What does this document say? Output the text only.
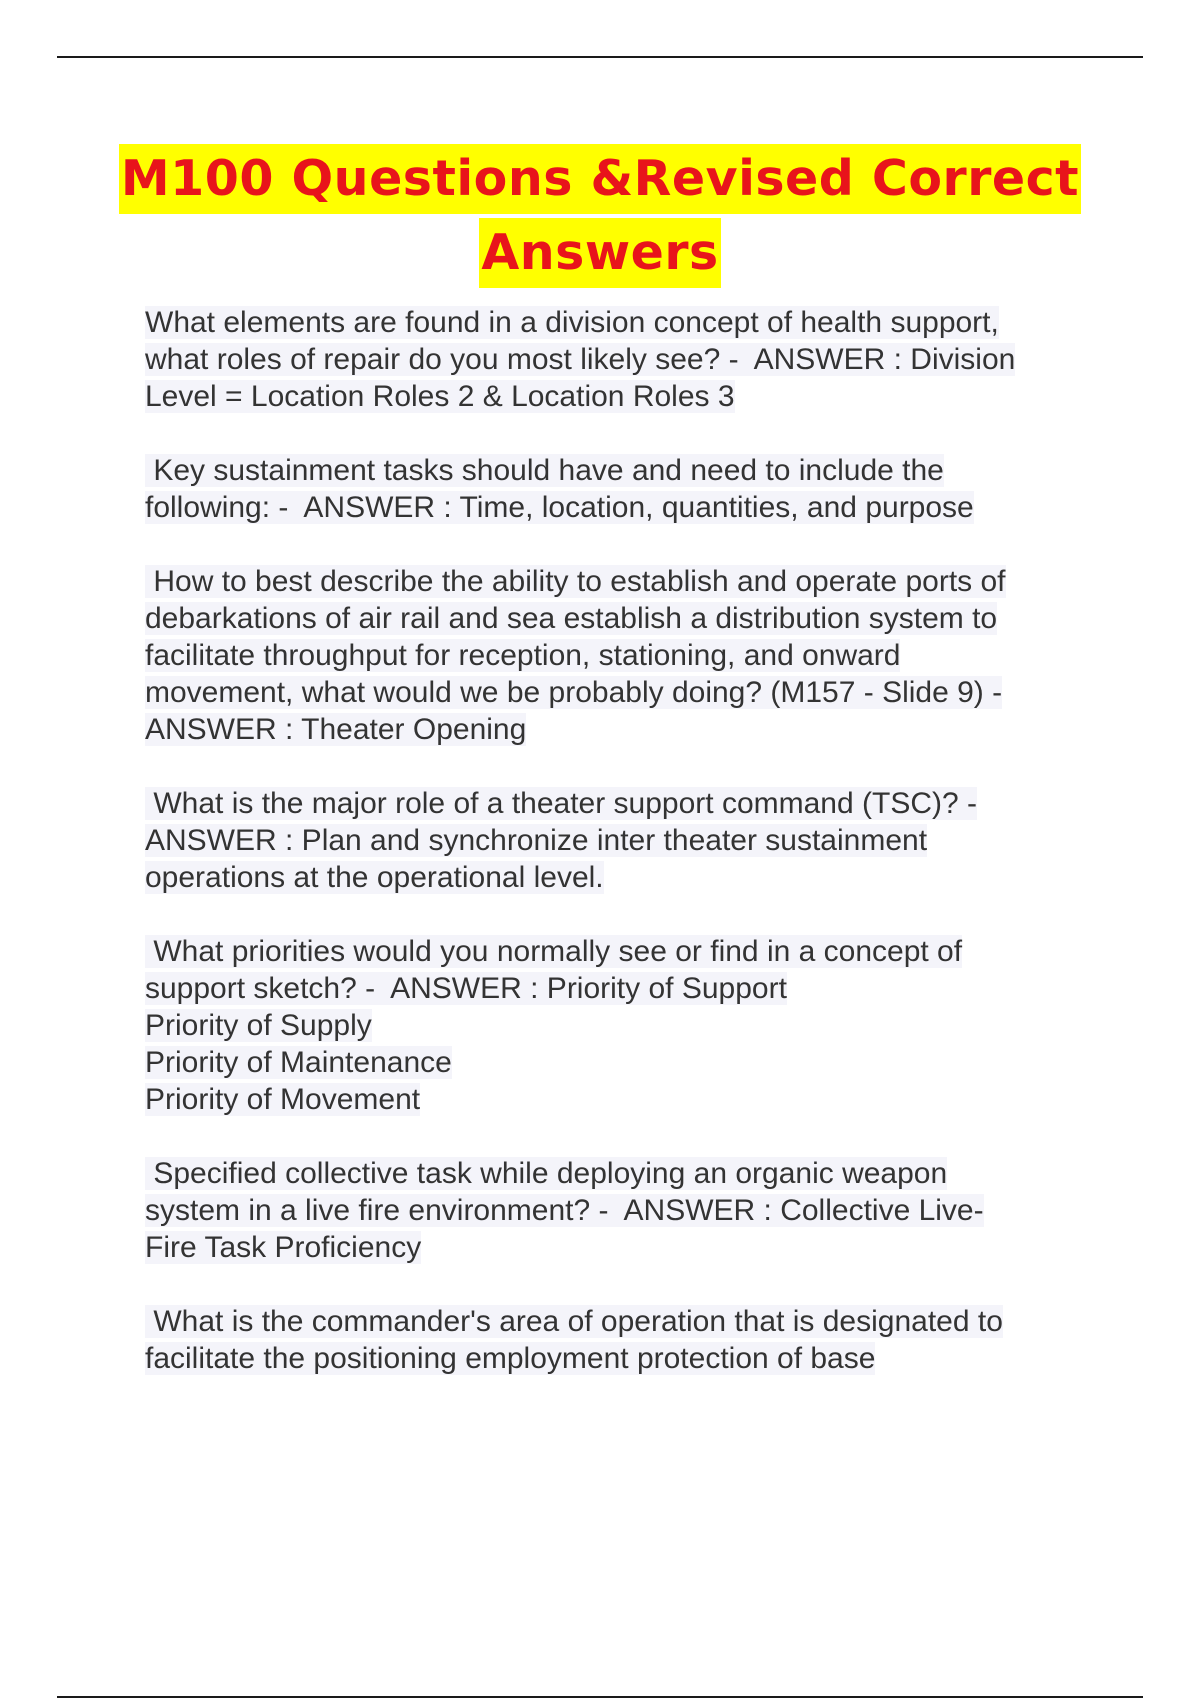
M100 Questions &Revised Correct
Answers

What elements are found in a division concept of health support,
what roles of repair do you most likely see? -  ANSWER : Division
Level = Location Roles 2 & Location Roles 3

Key sustainment tasks should have and need to include the
following: -  ANSWER : Time, location, quantities, and purpose

How to best describe the ability to establish and operate ports of
debarkations of air rail and sea establish a distribution system to
facilitate throughput for reception, stationing, and onward
movement, what would we be probably doing? (M157 - Slide 9) -
ANSWER : Theater Opening

What is the major role of a theater support command (TSC)? -
ANSWER : Plan and synchronize inter theater sustainment
operations at the operational level.

What priorities would you normally see or find in a concept of
support sketch? -  ANSWER : Priority of Support
Priority of Supply
Priority of Maintenance
Priority of Movement

Specified collective task while deploying an organic weapon
system in a live fire environment? -  ANSWER : Collective Live-
Fire Task Proficiency

What is the commander's area of operation that is designated to
facilitate the positioning employment protection of base
